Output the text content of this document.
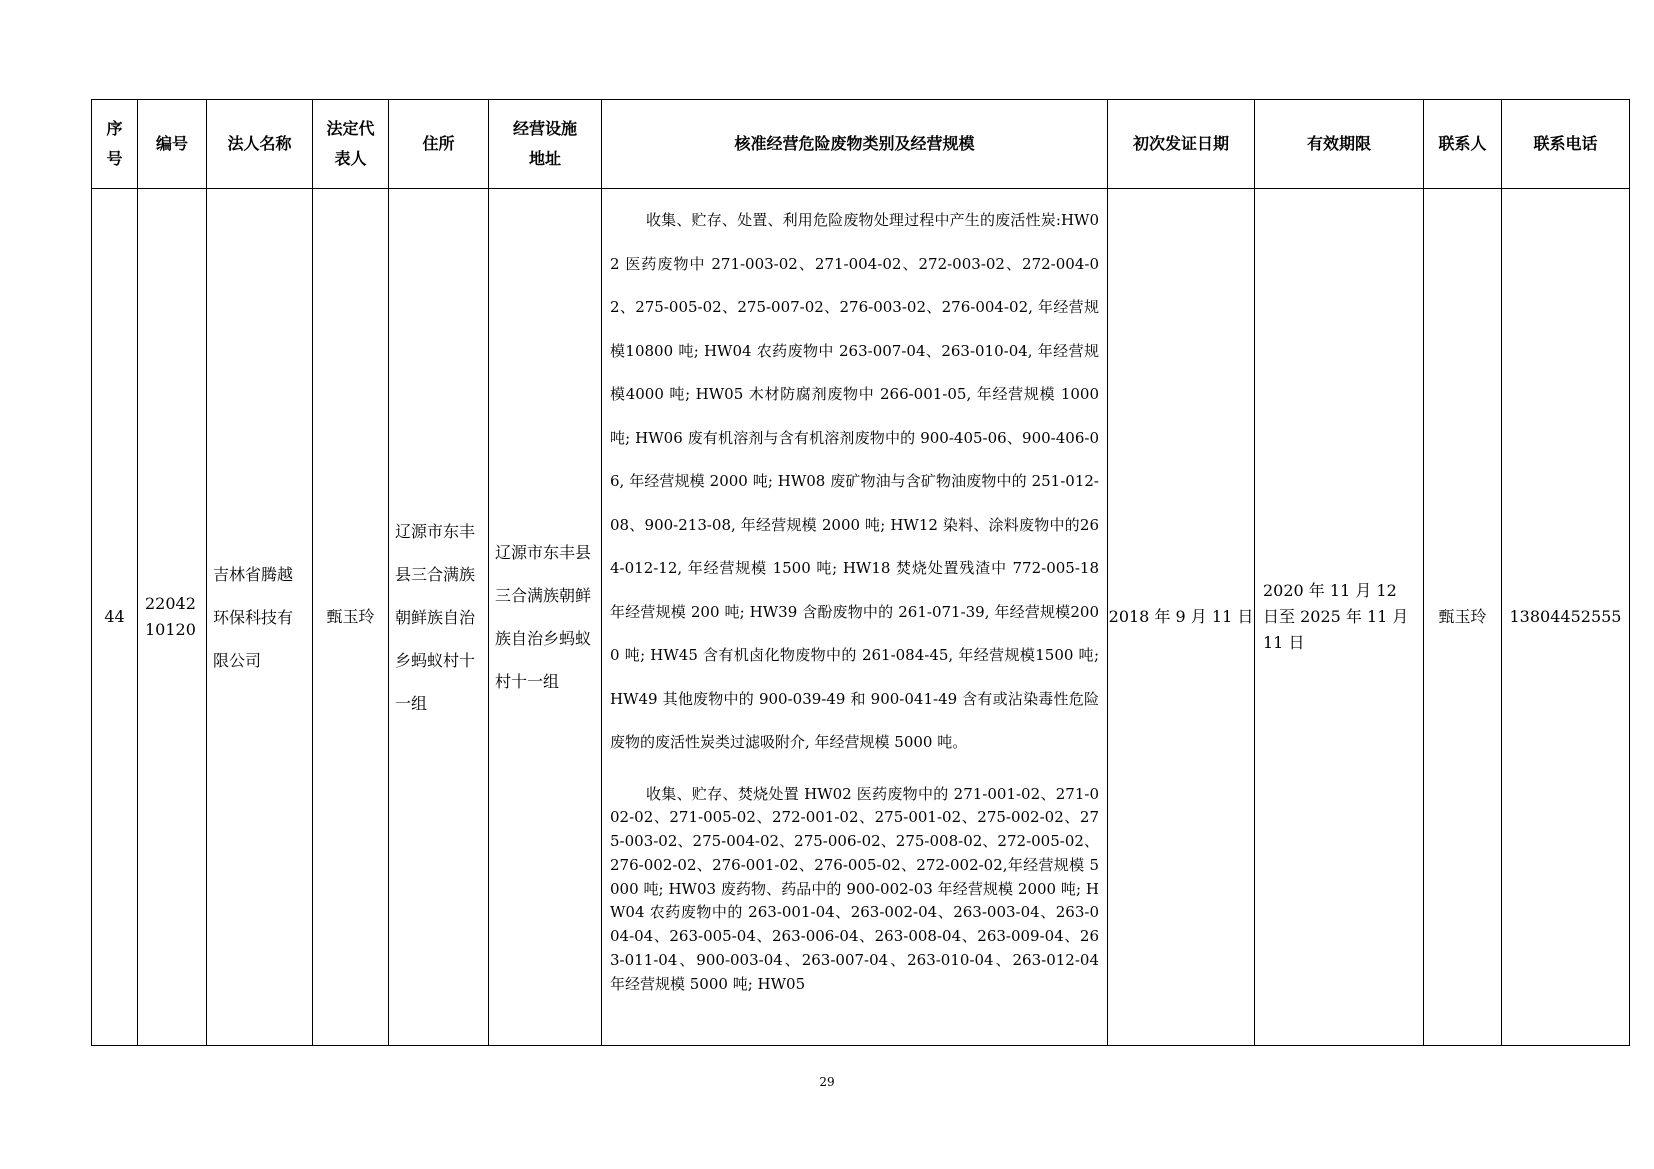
序号	编号	法人名称	法定代表人	住所	经营设施地址	核准经营危险废物类别及经营规模	初次发证日期	有效期限	联系人	联系电话
44	2204210120	吉林省腾越环保科技有限公司	甄玉玲	辽源市东丰县三合满族朝鲜族自治乡蚂蚁村十一组	辽源市东丰县三合满族朝鲜族自治乡蚂蚁村十一组	收集、贮存、处置、利用危险废物处理过程中产生的废活性炭:HW02 医药废物中 271-003-02、271-004-02、272-003-02、272-004-02、275-005-02、275-007-02、276-003-02、276-004-02, 年经营规模10800 吨; HW04 农药废物中 263-007-04、263-010-04, 年经营规模4000 吨; HW05 木材防腐剂废物中 266-001-05, 年经营规模 1000 吨; HW06 废有机溶剂与含有机溶剂废物中的 900-405-06、900-406-06, 年经营规模 2000 吨; HW08 废矿物油与含矿物油废物中的 251-012-08、900-213-08, 年经营规模 2000 吨; HW12 染料、涂料废物中的264-012-12, 年经营规模 1500 吨; HW18 焚烧处置残渣中 772-005-18 年经营规模 200 吨; HW39 含酚废物中的 261-071-39, 年经营规模2000 吨; HW45 含有机卤化物废物中的 261-084-45, 年经营规模1500 吨; HW49 其他废物中的 900-039-49 和 900-041-49 含有或沾染毒性危险废物的废活性炭类过滤吸附介, 年经营规模 5000 吨。

收集、贮存、焚烧处置 HW02 医药废物中的 271-001-02、271-002-02、271-005-02、272-001-02、275-001-02、275-002-02、275-003-02、275-004-02、275-006-02、275-008-02、272-005-02、276-002-02、276-001-02、276-005-02、272-002-02,年经营规模 5000 吨; HW03 废药物、药品中的 900-002-03 年经营规模 2000 吨; HW04 农药废物中的 263-001-04、263-002-04、263-003-04、263-004-04、263-005-04、263-006-04、263-008-04、263-009-04、263-011-04、900-003-04、263-007-04、263-010-04、263-012-04 年经营规模 5000 吨; HW05	2018 年 9 月 11 日	2020 年 11 月 12 日至 2025 年 11 月 11 日	甄玉玲	13804452555
29
